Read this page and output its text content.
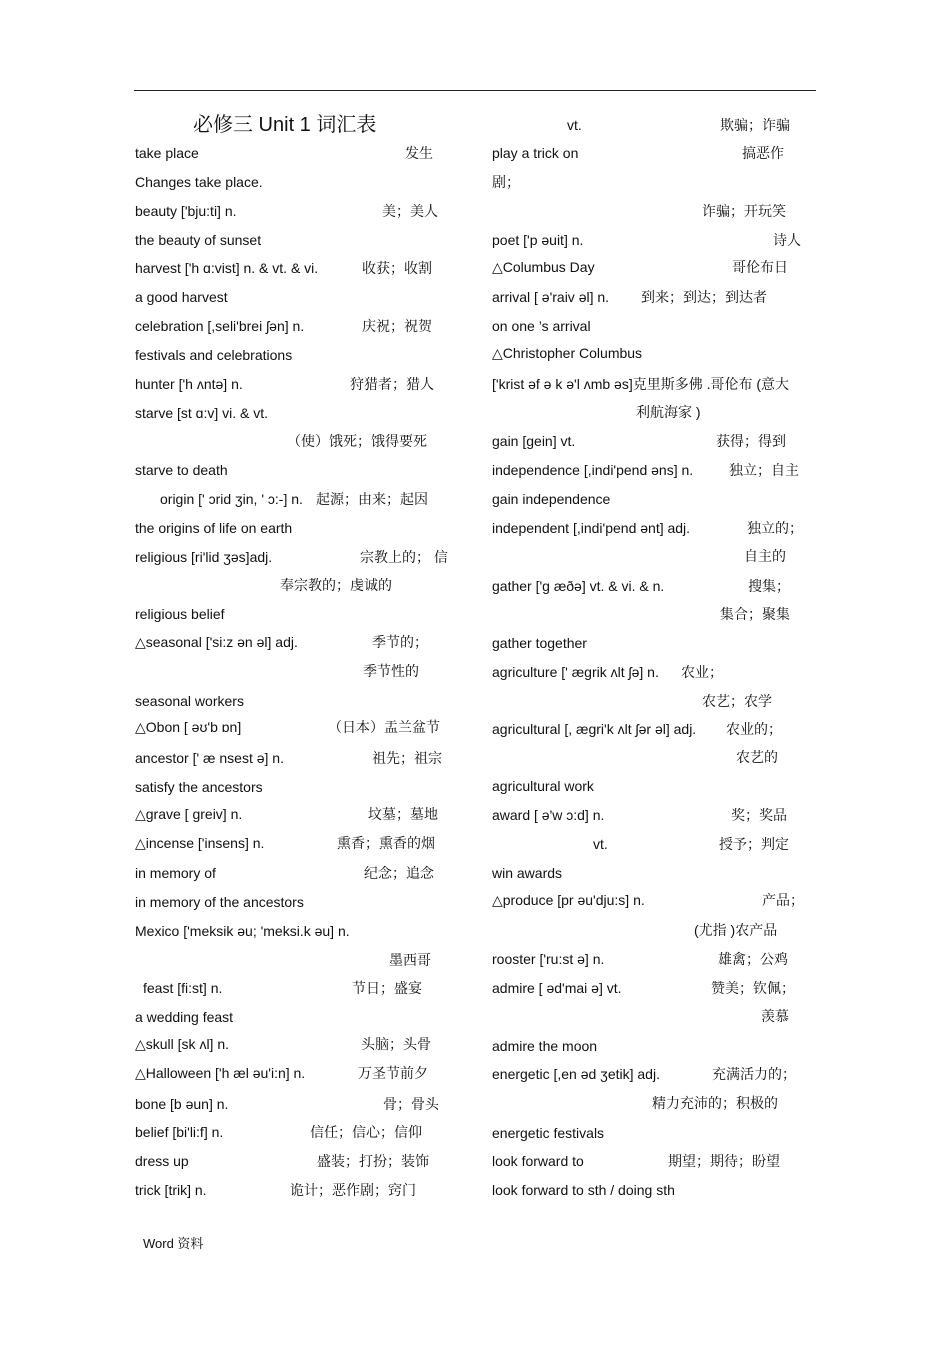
必修三 Unit 1 词汇表
take place	发生
Changes take place.
beauty ['bju:ti] n.	美；美人
the beauty of sunset
harvest ['h ɑ:vist] n. & vt. & vi.	收获；收割
a good harvest
celebration [,seli'brei ʃən] n.	庆祝；祝贺
festivals and celebrations
hunter ['h ʌntə] n.	狩猎者；猎人
starve [st ɑ:v] vi. & vt.
（使）饿死；饿得要死
starve to death
origin [' ɔrid ʒin, ' ɔ:-] n. 起源；由来；起因
the origins of life on earth
religious [ri'lid ʒəs]adj.	宗教上的； 信
奉宗教的；虔诚的
religious belief
△seasonal ['si:z ən əl] adj.	季节的；
季节性的
seasonal workers
△Obon [ əʊ'b ɒn]	（日本）盂兰盆节
ancestor [' æ nsest ə] n.	祖先；祖宗
satisfy the ancestors
△grave [ ɡreiv] n.	坟墓；墓地
△incense ['insens] n.	熏香；熏香的烟
in memory of	纪念；追念
in memory of the ancestors
Mexico ['meksik əu; 'meksi.k əu] n.
墨西哥
feast [fi:st] n.	节日；盛宴
a wedding feast
△skull [sk ʌl] n.	头脑；头骨
△Halloween ['h æl əu'i:n] n.	万圣节前夕
bone [b əun] n.	骨；骨头
belief [bi'li:f] n.	信任；信心；信仰
dress up	盛装；打扮；装饰
trick [trik] n.	诡计；恶作剧；窍门
vt.	欺骗；诈骗
play a trick on	搞恶作
剧；
诈骗；开玩笑
poet ['p əuit] n.	诗人
△Columbus Day	哥伦布日
arrival [ ə'raiv əl] n. 到来；到达；到达者
on one ’s arrival
△Christopher Columbus
['krist əf ə k ə'l ʌmb əs]克里斯多佛 .哥伦布 (意大
利航海家 )
gain [ɡein] vt.	获得；得到
independence [,indi'pend əns] n.	独立；自主
gain independence
independent [,indi'pend ənt] adj.	独立的；
自主的
gather ['ɡ æðə] vt. & vi. & n.	搜集；
集合；聚集
gather together
agriculture [' æɡrik ʌlt ʃə] n. 农业；
农艺；农学
agricultural [, æɡri'k ʌlt ʃər əl] adj. 农业的；
农艺的
agricultural work
award [ ə'w ɔ:d] n.	奖；奖品
vt.	授予；判定
win awards
△produce [pr əu'dju:s] n.	产品；
(尤指 )农产品
rooster ['ru:st ə] n.	雄禽；公鸡
admire [ əd'mai ə] vt.	赞美；钦佩；
羡慕
admire the moon
energetic [,en əd ʒetik] adj.	充满活力的；
精力充沛的；积极的
energetic festivals
look forward to	期望；期待；盼望
look forward to sth / doing sth
Word 资料
